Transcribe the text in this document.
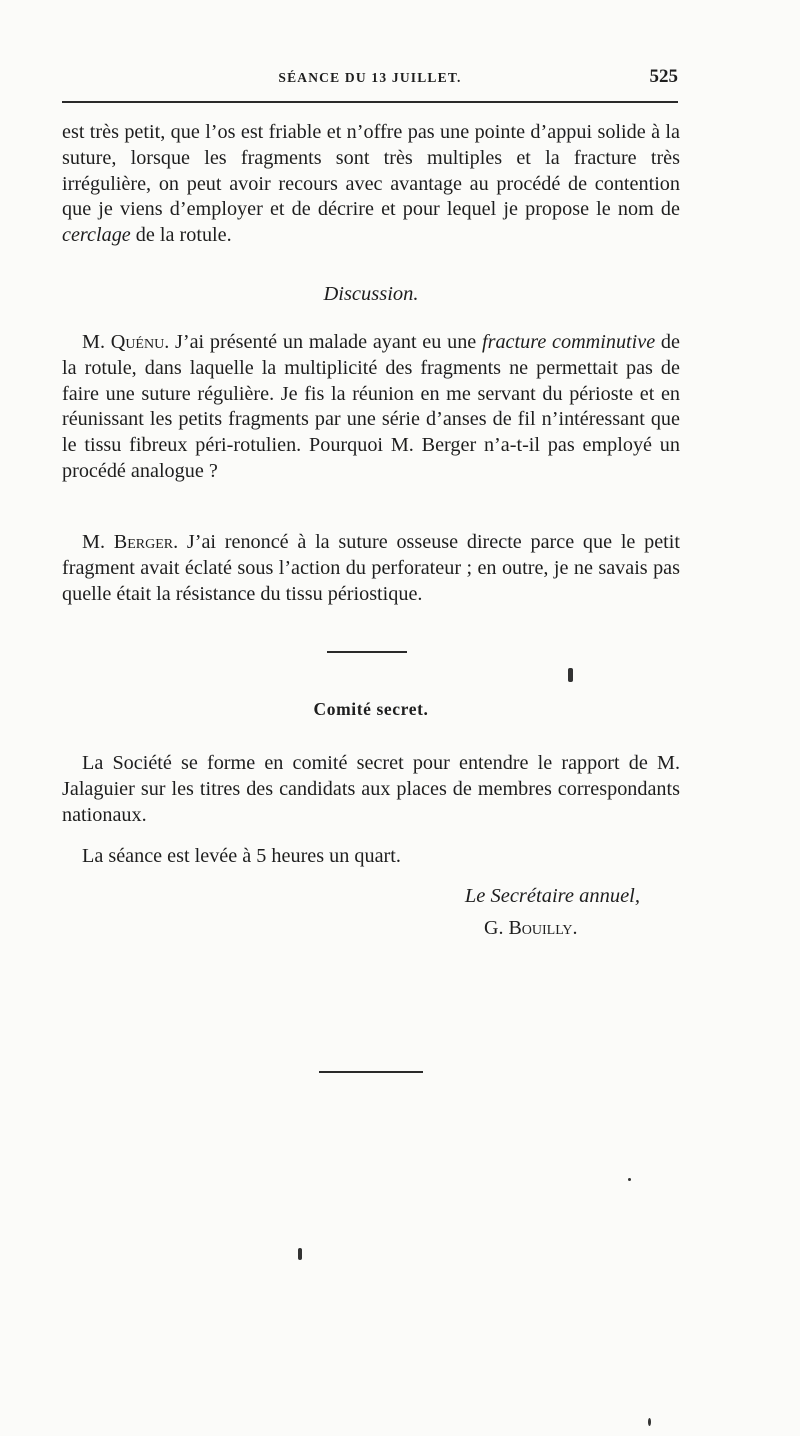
SÉANCE DU 13 JUILLET.	525

est très petit, que l’os est friable et n’offre pas une pointe d’appui solide à la suture, lorsque les fragments sont très multiples et la fracture très irrégulière, on peut avoir recours avec avantage au procédé de contention que je viens d’employer et de décrire et pour lequel je propose le nom de cerclage de la rotule.

Discussion.

M. Quénu. J’ai présenté un malade ayant eu une fracture comminutive de la rotule, dans laquelle la multiplicité des fragments ne permettait pas de faire une suture régulière. Je fis la réunion en me servant du périoste et en réunissant les petits fragments par une série d’anses de fil n’intéressant que le tissu fibreux péri-rotulien. Pourquoi M. Berger n’a-t-il pas employé un procédé analogue ?

M. Berger. J’ai renoncé à la suture osseuse directe parce que le petit fragment avait éclaté sous l’action du perforateur ; en outre, je ne savais pas quelle était la résistance du tissu périostique.

Comité secret.

La Société se forme en comité secret pour entendre le rapport de M. Jalaguier sur les titres des candidats aux places de membres correspondants nationaux.

La séance est levée à 5 heures un quart.

Le Secrétaire annuel,
G. Bouilly.
